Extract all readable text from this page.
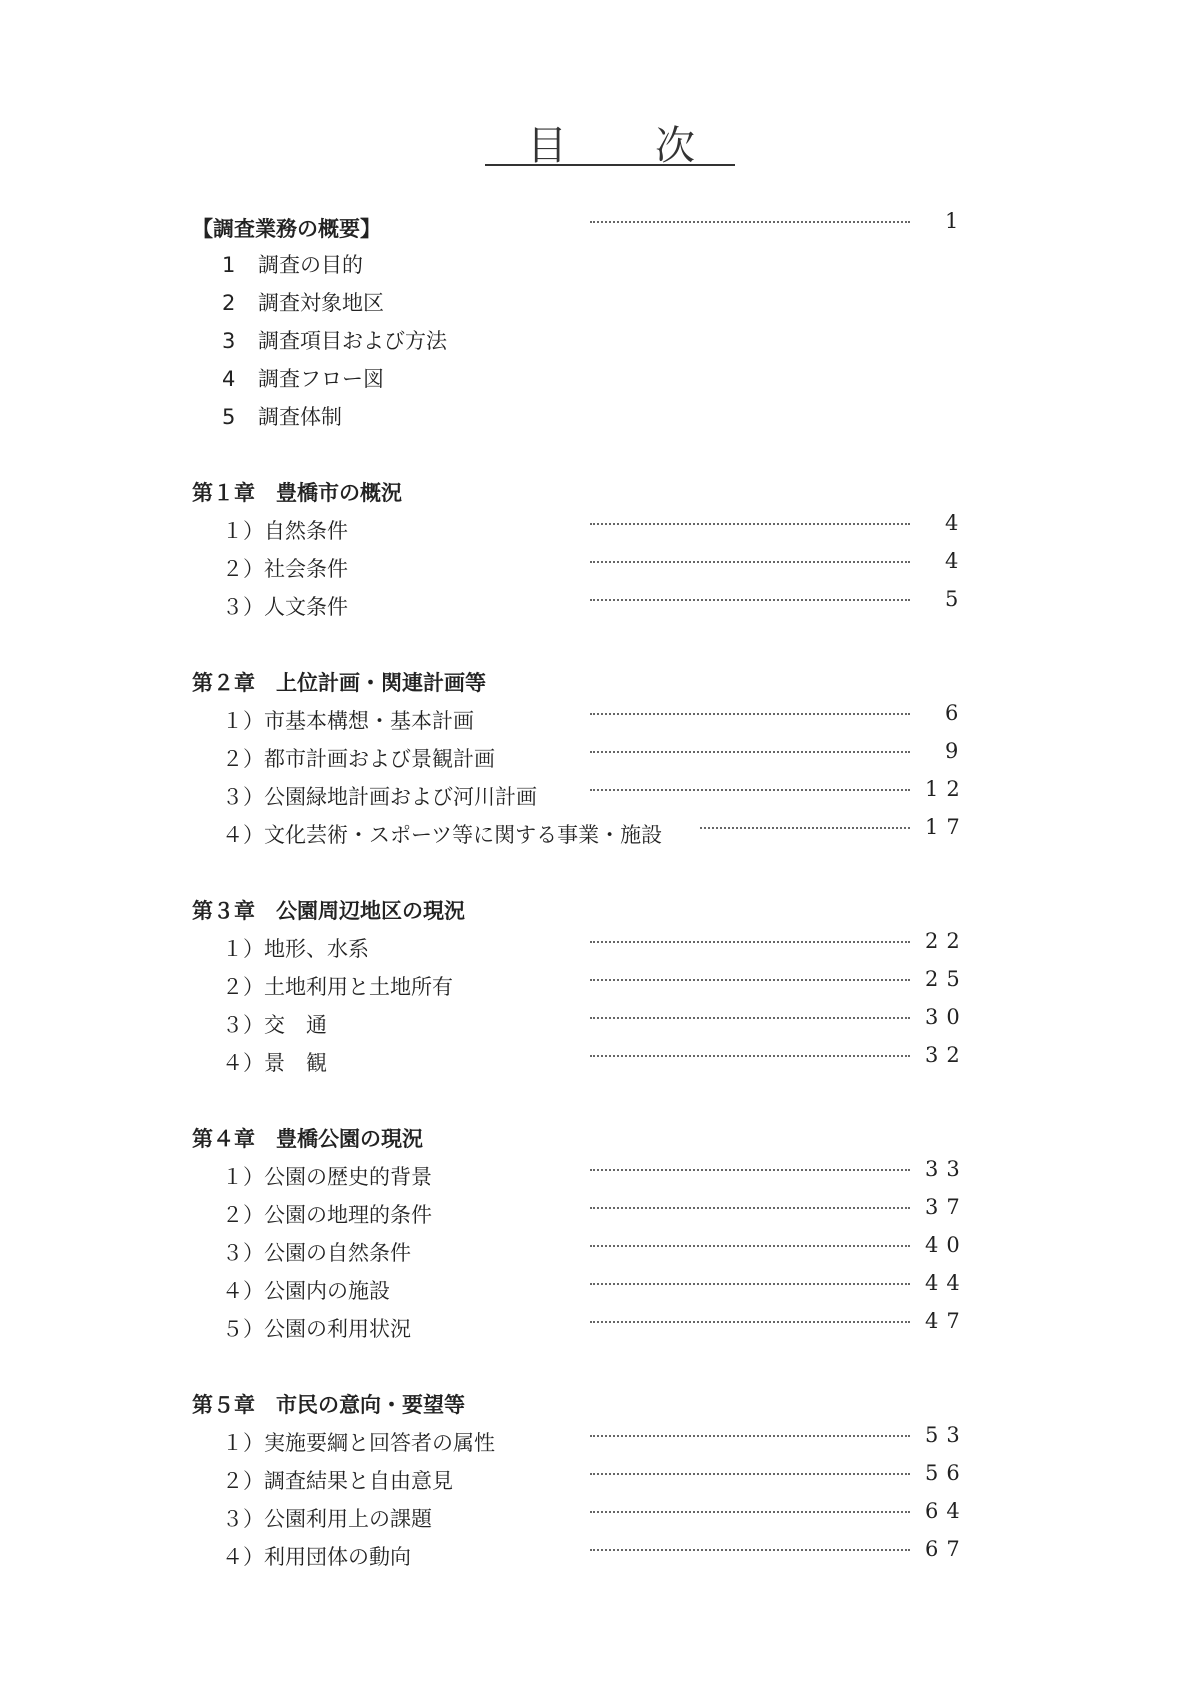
目 次
【調査業務の概要】	1
1 調査の目的
2 調査対象地区
3 調査項目および方法
4 調査フロー図
5 調査体制
第１章　豊橋市の概況
１）自然条件	4
２）社会条件	4
３）人文条件	5
第２章　上位計画・関連計画等
１）市基本構想・基本計画	6
２）都市計画および景観計画	9
３）公園緑地計画および河川計画	12
４）文化芸術・スポーツ等に関する事業・施設	17
第３章　公園周辺地区の現況
１）地形、水系	22
２）土地利用と土地所有	25
３）交　通	30
４）景　観	32
第４章　豊橋公園の現況
１）公園の歴史的背景	33
２）公園の地理的条件	37
３）公園の自然条件	40
４）公園内の施設	44
５）公園の利用状況	47
第５章　市民の意向・要望等
１）実施要綱と回答者の属性	53
２）調査結果と自由意見	56
３）公園利用上の課題	64
４）利用団体の動向	67
